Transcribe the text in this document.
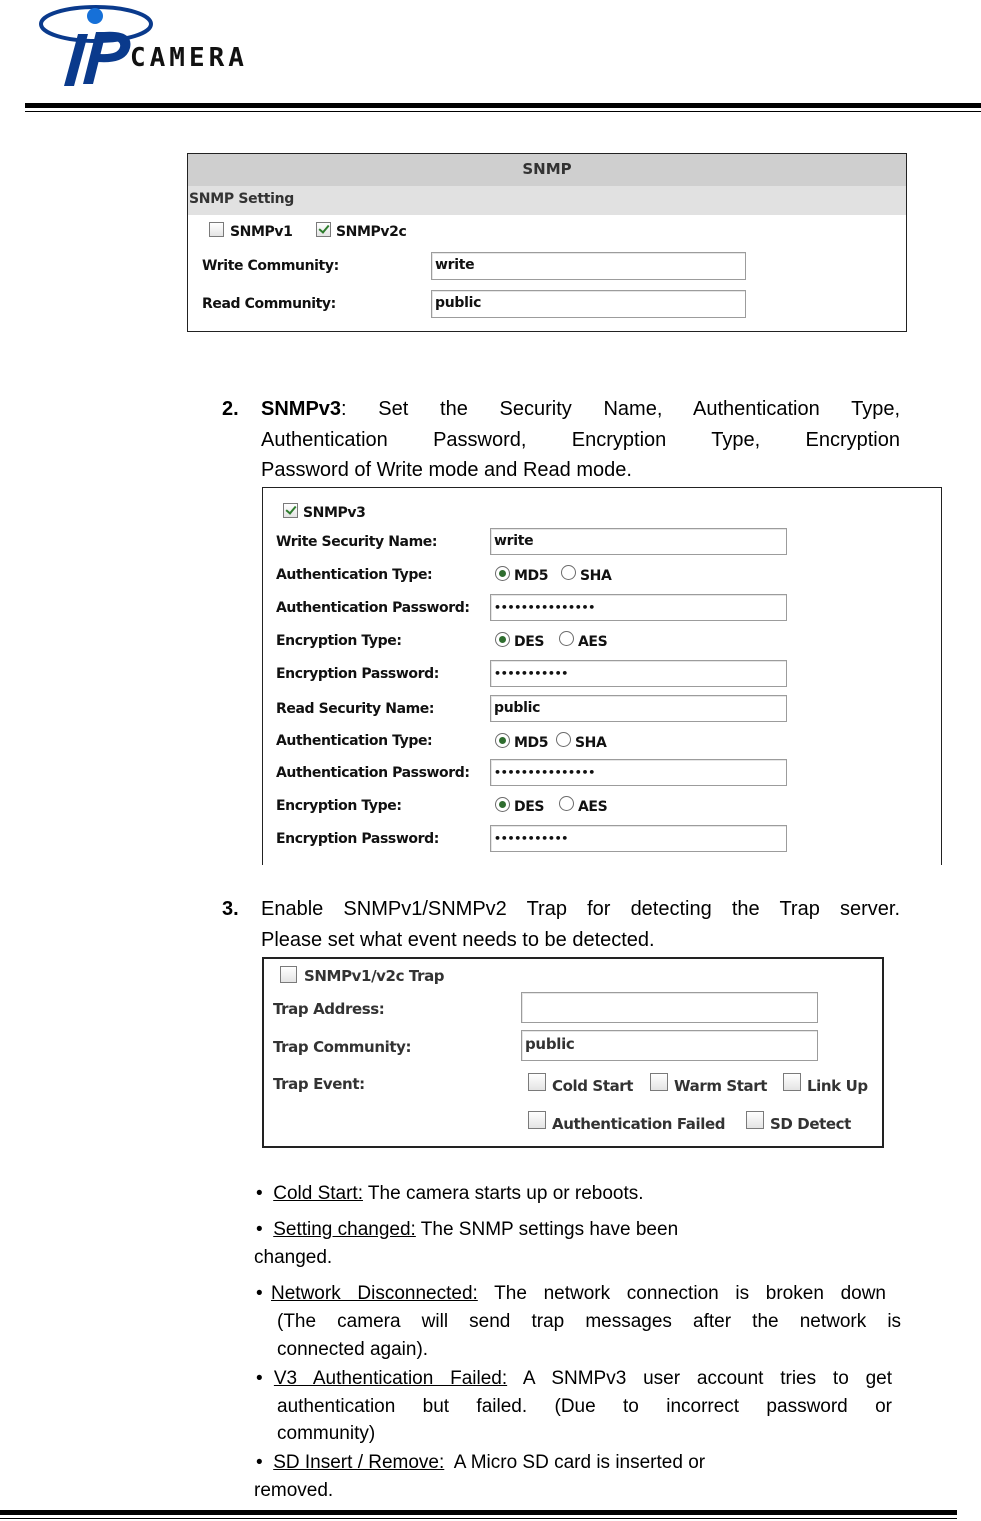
CAMERA
SNMP
SNMP Setting
SNMPv1	SNMPv2c
Write Community:	write
Read Community:	public
2. SNMPv3:  Set  the  Security  Name,  Authentication  Type,
Authentication   Password,   Encryption   Type,   Encryption
Password of Write mode and Read mode.
SNMPv3
Write Security Name:	write
Authentication Type:	MD5 SHA
Authentication Password:	•••••••••••••••
Encryption Type:	DES AES
Encryption Password:	•••••••••••
Read Security Name:	public
Authentication Type:	MD5 SHA
Authentication Password:	•••••••••••••••
Encryption Type:	DES AES
Encryption Password:	•••••••••••
3. Enable  SNMPv1/SNMPv2  Trap  for  detecting  the  Trap  server.
Please set what event needs to be detected.
SNMPv1/v2c Trap
Trap Address:
Trap Community:	public
Trap Event:	Cold Start	Warm Start	Link Up
Authentication Failed	SD Detect
• Cold Start: The camera starts up or reboots.
• Setting changed: The SNMP settings have been
changed.
• Network  Disconnected:  The  network  connection  is  broken  down
(The    camera    will    send    trap    messages    after    the    network    is
connected again).
• V3   Authentication   Failed:   A   SNMPv3   user   account   tries   to   get
authentication    but    failed.    (Due    to    incorrect    password    or
community)
• SD Insert / Remove:  A Micro SD card is inserted or
removed.
